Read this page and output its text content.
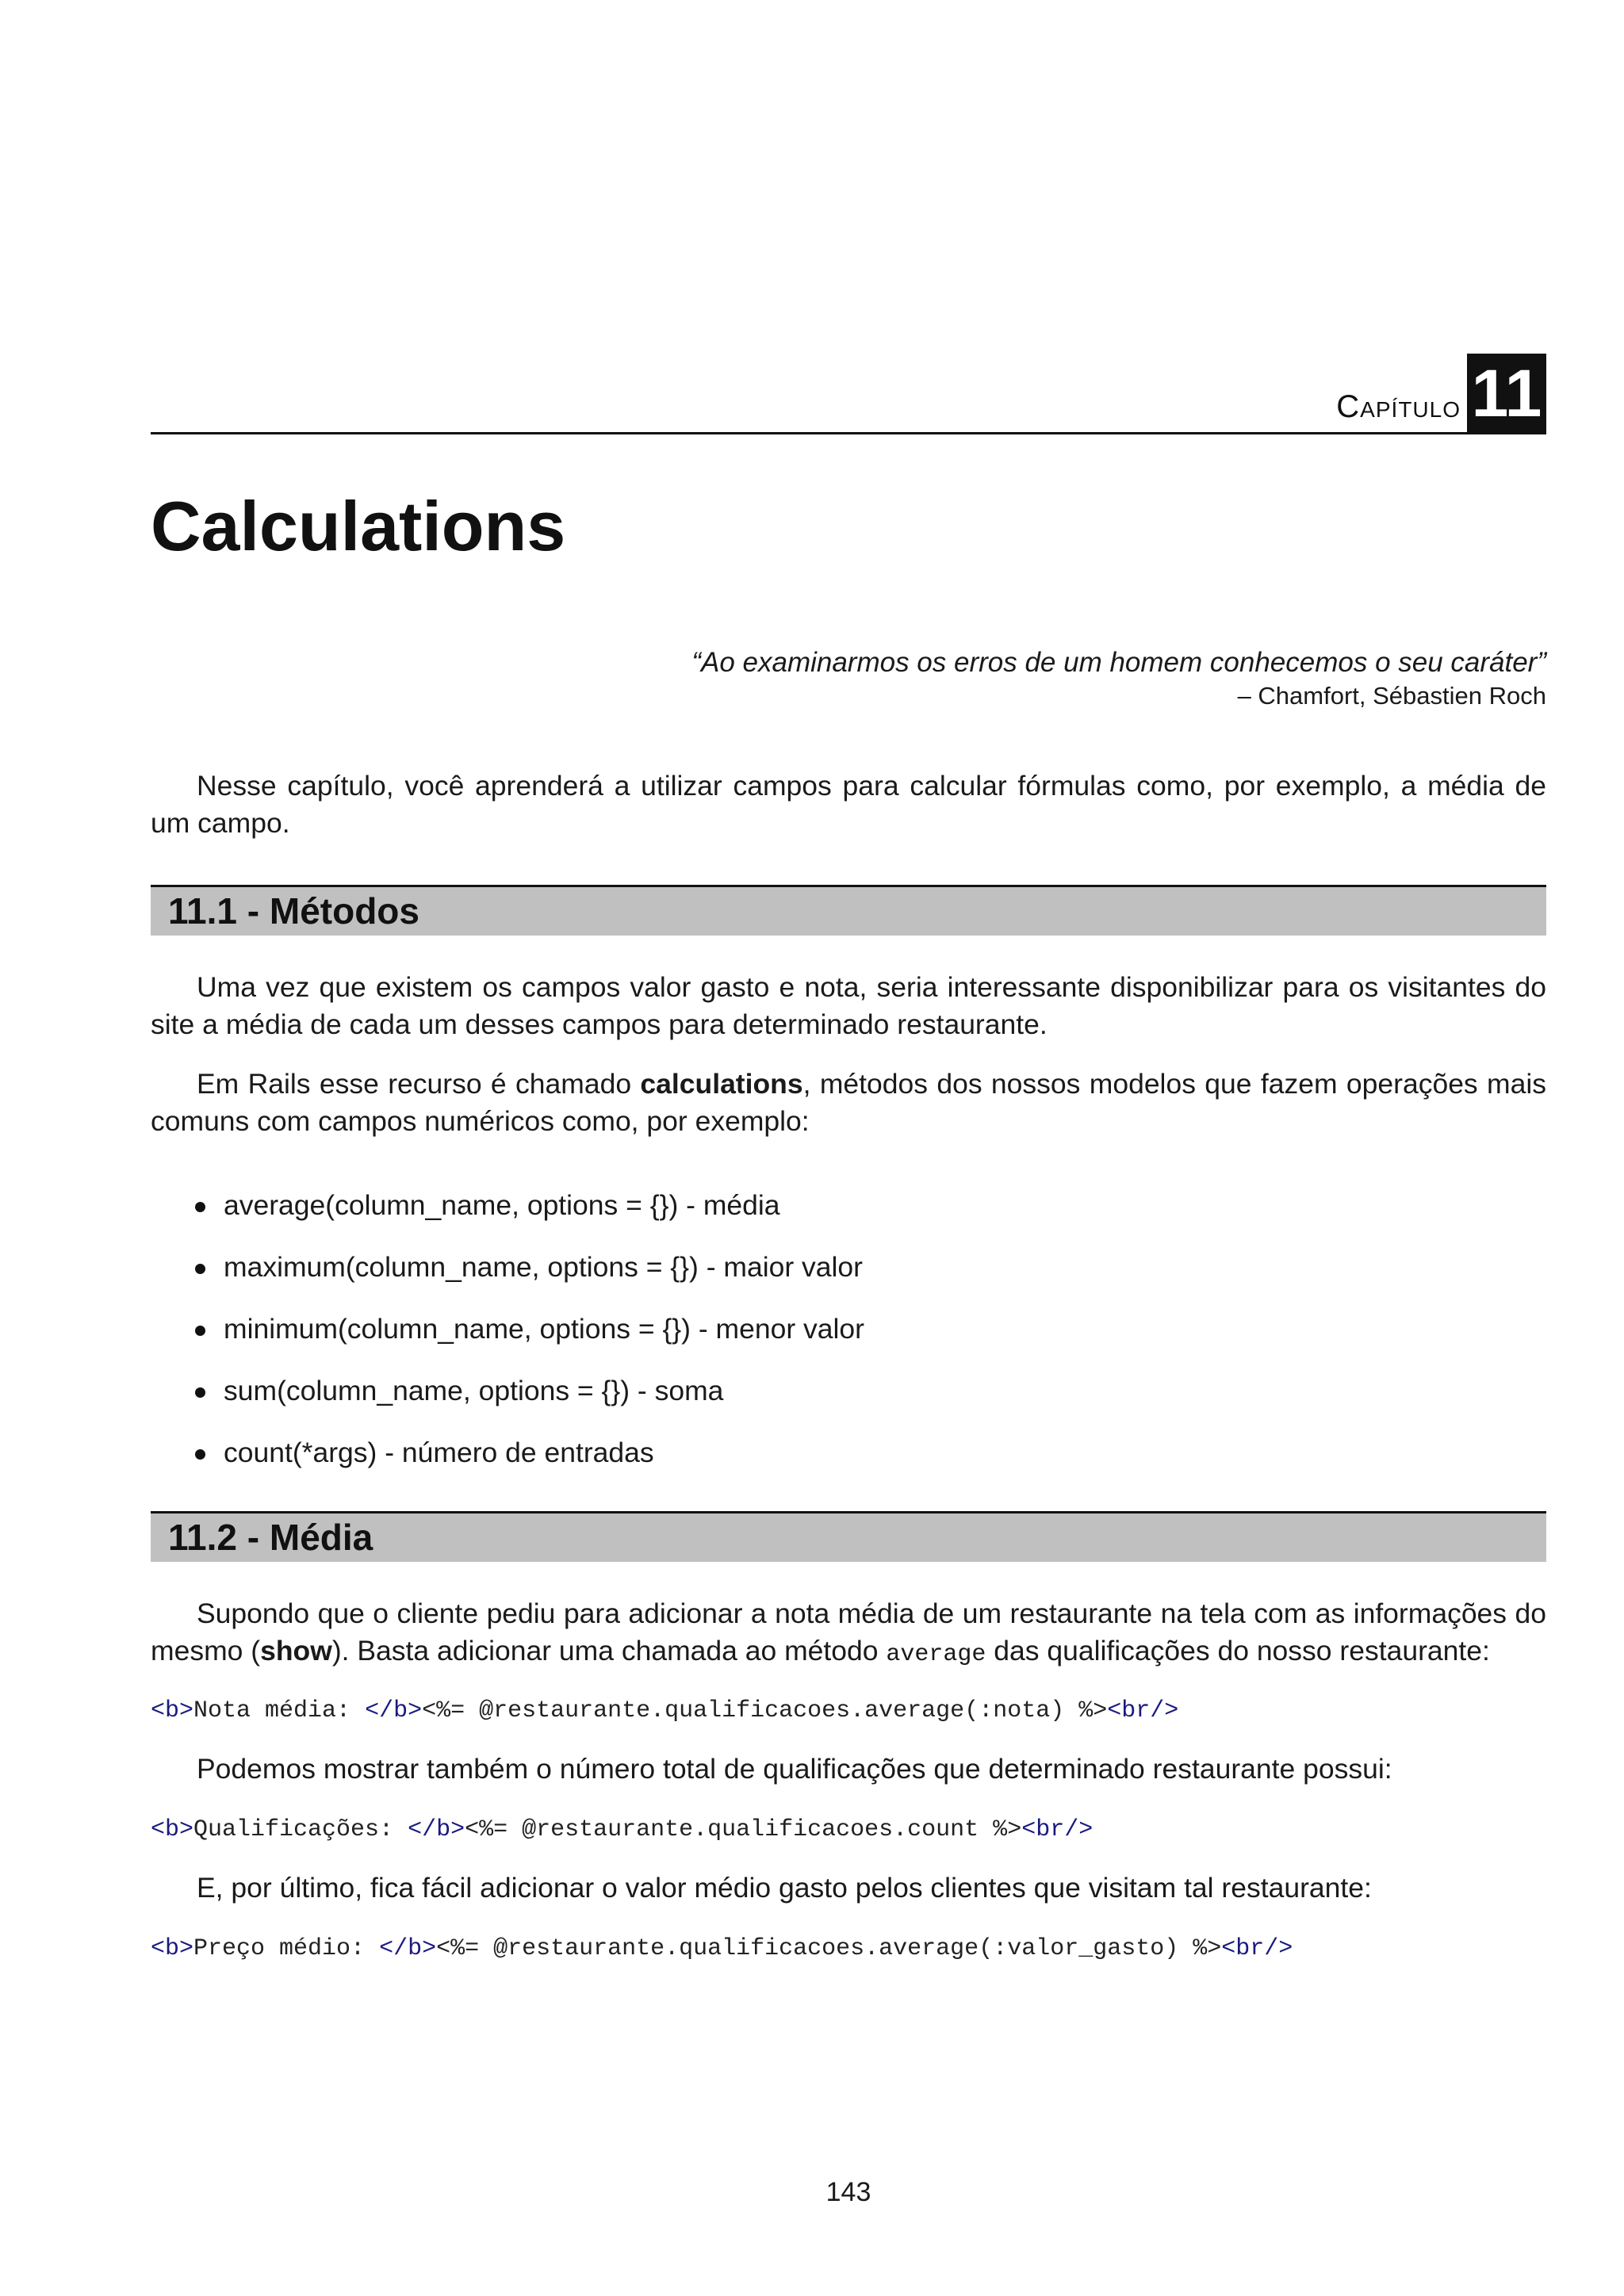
Capítulo 11
Calculations
“Ao examinarmos os erros de um homem conhecemos o seu caráter”
– Chamfort, Sébastien Roch

Nesse capítulo, você aprenderá a utilizar campos para calcular fórmulas como, por exemplo, a média de um campo.

11.1 - Métodos

Uma vez que existem os campos valor gasto e nota, seria interessante disponibilizar para os visitantes do site a média de cada um desses campos para determinado restaurante.

Em Rails esse recurso é chamado calculations, métodos dos nossos modelos que fazem operações mais comuns com campos numéricos como, por exemplo:

average(column_name, options = {}) - média
maximum(column_name, options = {}) - maior valor
minimum(column_name, options = {}) - menor valor
sum(column_name, options = {}) - soma
count(*args) - número de entradas
11.2 - Média

Supondo que o cliente pediu para adicionar a nota média de um restaurante na tela com as informações do mesmo (show). Basta adicionar uma chamada ao método average das qualificações do nosso restaurante:

<b>Nota média: </b><%= @restaurante.qualificacoes.average(:nota) %><br/>

Podemos mostrar também o número total de qualificações que determinado restaurante possui:

<b>Qualificações: </b><%= @restaurante.qualificacoes.count %><br/>

E, por último, fica fácil adicionar o valor médio gasto pelos clientes que visitam tal restaurante:

<b>Preço médio: </b><%= @restaurante.qualificacoes.average(:valor_gasto) %><br/>
143
